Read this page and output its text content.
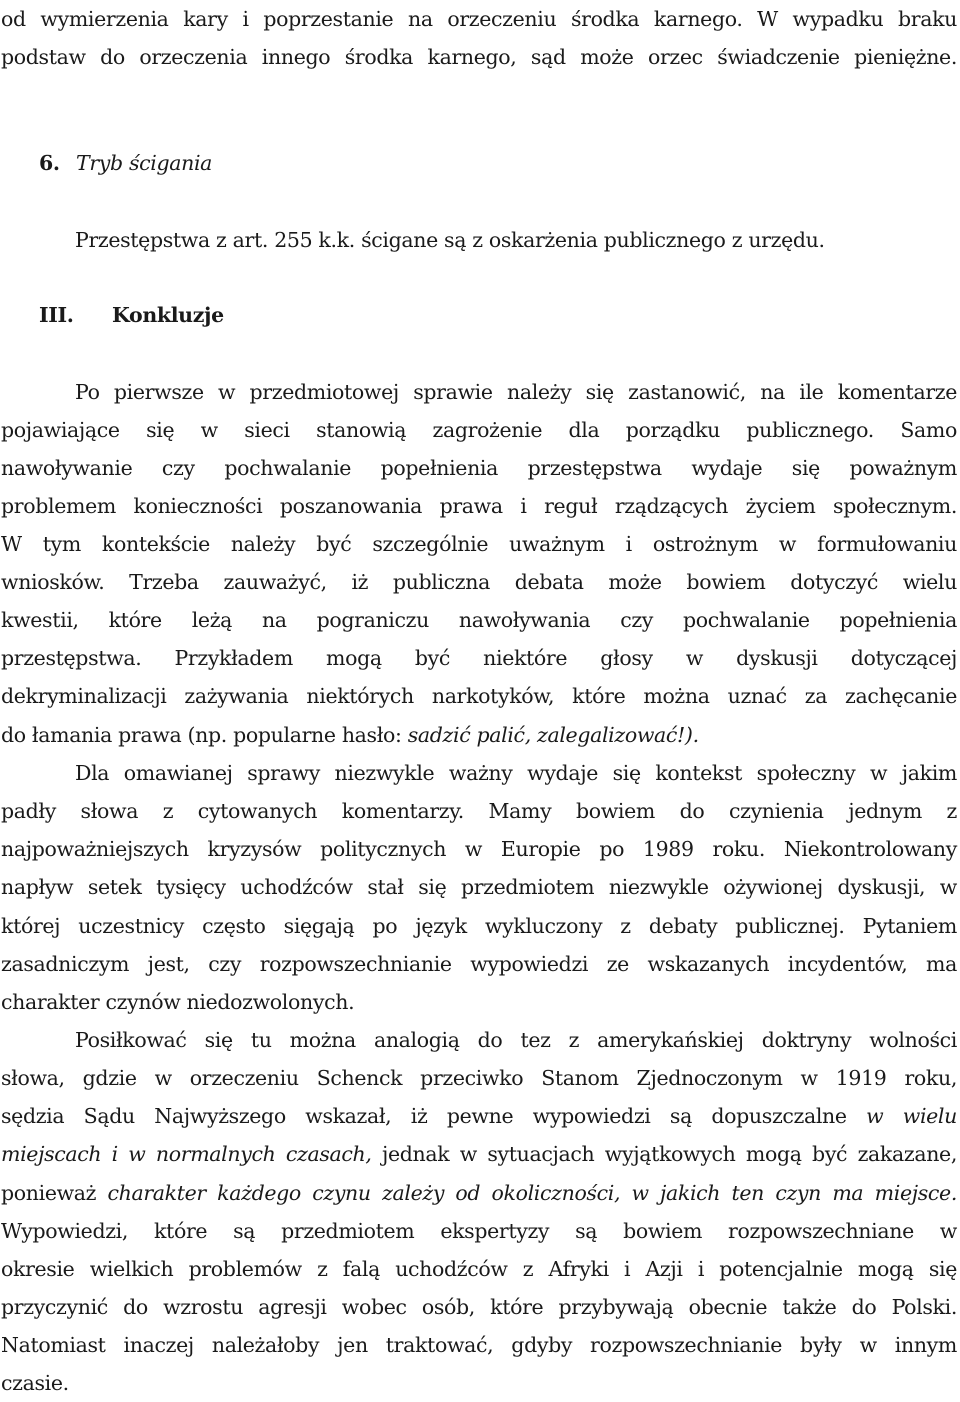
od wymierzenia kary i poprzestanie na orzeczeniu środka karnego. W wypadku braku
podstaw do orzeczenia innego środka karnego, sąd może orzec świadczenie pieniężne.
6. Tryb ścigania
Przestępstwa z art. 255 k.k. ścigane są z oskarżenia publicznego z urzędu.
III. Konkluzje
Po pierwsze w przedmiotowej sprawie należy się zastanowić, na ile komentarze
pojawiające się w sieci stanowią zagrożenie dla porządku publicznego. Samo
nawoływanie czy pochwalanie popełnienia przestępstwa wydaje się poważnym
problemem konieczności poszanowania prawa i reguł rządzących życiem społecznym.
W tym kontekście należy być szczególnie uważnym i ostrożnym w formułowaniu
wniosków. Trzeba zauważyć, iż publiczna debata może bowiem dotyczyć wielu
kwestii, które leżą na pograniczu nawoływania czy pochwalanie popełnienia
przestępstwa. Przykładem mogą być niektóre głosy w dyskusji dotyczącej
dekryminalizacji zażywania niektórych narkotyków, które można uznać za zachęcanie
do łamania prawa (np. popularne hasło: sadzić palić, zalegalizować!).
Dla omawianej sprawy niezwykle ważny wydaje się kontekst społeczny w jakim
padły słowa z cytowanych komentarzy. Mamy bowiem do czynienia jednym z
najpoważniejszych kryzysów politycznych w Europie po 1989 roku. Niekontrolowany
napływ setek tysięcy uchodźców stał się przedmiotem niezwykle ożywionej dyskusji, w
której uczestnicy często sięgają po język wykluczony z debaty publicznej. Pytaniem
zasadniczym jest, czy rozpowszechnianie wypowiedzi ze wskazanych incydentów, ma
charakter czynów niedozwolonych.
Posiłkować się tu można analogią do tez z amerykańskiej doktryny wolności
słowa, gdzie w orzeczeniu Schenck przeciwko Stanom Zjednoczonym w 1919 roku,
sędzia Sądu Najwyższego wskazał, iż pewne wypowiedzi są dopuszczalne w wielu
miejscach i w normalnych czasach, jednak w sytuacjach wyjątkowych mogą być zakazane,
ponieważ charakter każdego czynu zależy od okoliczności, w jakich ten czyn ma miejsce.
Wypowiedzi, które są przedmiotem ekspertyzy są bowiem rozpowszechniane w
okresie wielkich problemów z falą uchodźców z Afryki i Azji i potencjalnie mogą się
przyczynić do wzrostu agresji wobec osób, które przybywają obecnie także do Polski.
Natomiast inaczej należałoby jen traktować, gdyby rozpowszechnianie były w innym
czasie.
